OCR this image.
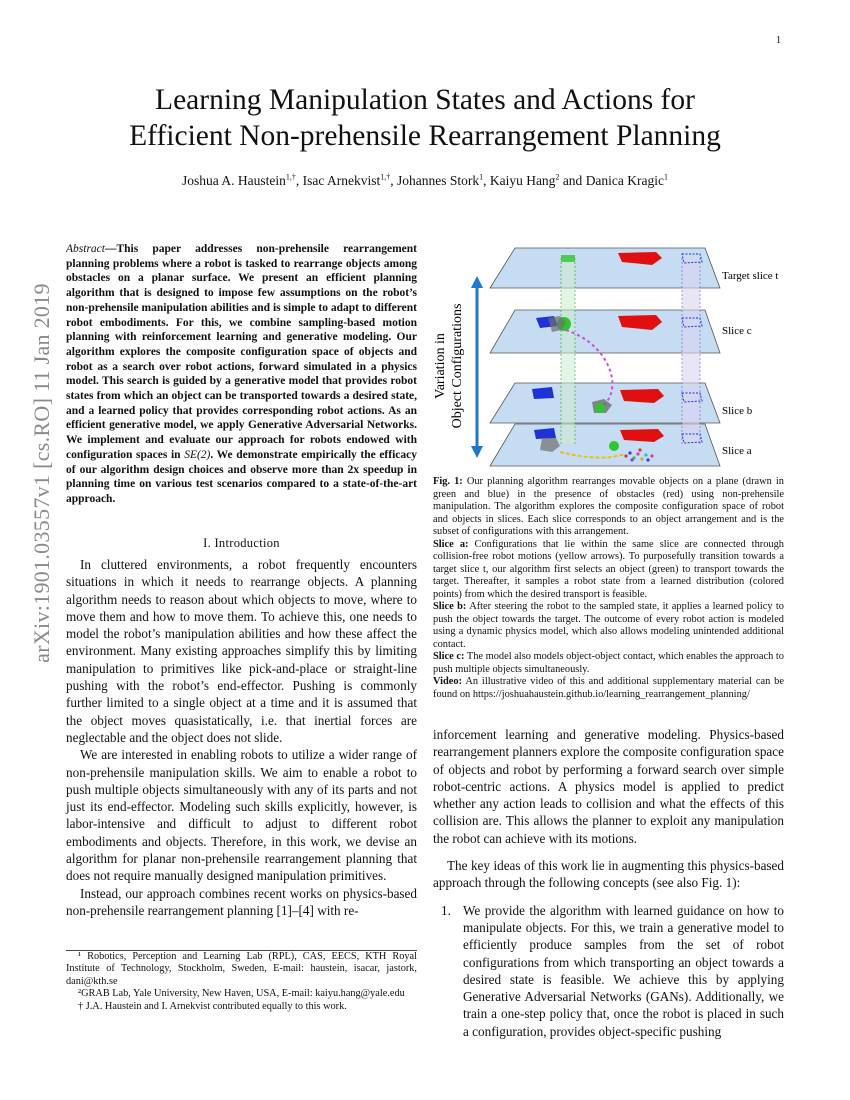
1
arXiv:1901.03557v1 [cs.RO] 11 Jan 2019
Learning Manipulation States and Actions for
Efficient Non-prehensile Rearrangement Planning
Joshua A. Haustein$^{1,\dagger}$, Isac Arnekvist$^{1,\dagger}$, Johannes Stork$^1$, Kaiyu Hang$^2$ and Danica Kragic$^1$
Abstract—This paper addresses non-prehensile rearrangement planning problems where a robot is tasked to rearrange objects among obstacles on a planar surface. We present an efficient planning algorithm that is designed to impose few assumptions on the robot’s non-prehensile manipulation abilities and is simple to adapt to different robot embodiments. For this, we combine sampling-based motion planning with reinforcement learning and generative modeling. Our algorithm explores the composite configuration space of objects and robot as a search over robot actions, forward simulated in a physics model. This search is guided by a generative model that provides robot states from which an object can be transported towards a desired state, and a learned policy that provides corresponding robot actions. As an efficient generative model, we apply Generative Adversarial Networks. We implement and evaluate our approach for robots endowed with configuration spaces in SE(2). We demonstrate empirically the efficacy of our algorithm design choices and observe more than 2x speedup in planning time on various test scenarios compared to a state-of-the-art approach.
I. Introduction

In cluttered environments, a robot frequently encounters situations in which it needs to rearrange objects. A planning algorithm needs to reason about which objects to move, where to move them and how to move them. To achieve this, one needs to model the robot’s manipulation abilities and how these affect the environment. Many existing approaches simplify this by limiting manipulation to primitives like pick-and-place or straight-line pushing with the robot’s end-effector. Pushing is commonly further limited to a single object at a time and it is assumed that the object moves quasistatically, i.e. that inertial forces are neglectable and the object does not slide.

We are interested in enabling robots to utilize a wider range of non-prehensile manipulation skills. We aim to enable a robot to push multiple objects simultaneously with any of its parts and not just its end-effector. Modeling such skills explicitly, however, is labor-intensive and difficult to adjust to different robot embodiments and objects. Therefore, in this work, we devise an algorithm for planar non-prehensile rearrangement planning that does not require manually designed manipulation primitives.

Instead, our approach combines recent works on physics-based non-prehensile rearrangement planning [1]–[4] with re-

¹ Robotics, Perception and Learning Lab (RPL), CAS, EECS, KTH Royal Institute of Technology, Stockholm, Sweden, E-mail: haustein, isacar, jastork, dani@kth.se

²GRAB Lab, Yale University, New Haven, USA, E-mail: kaiyu.hang@yale.edu

† J.A. Haustein and I. Arnekvist contributed equally to this work.

Variation in Object Configurations
Target slice t
Slice c
Slice b
Slice a

Fig. 1: Our planning algorithm rearranges movable objects on a plane (drawn in green and blue) in the presence of obstacles (red) using non-prehensile manipulation. The algorithm explores the composite configuration space of robot and objects in slices. Each slice corresponds to an object arrangement and is the subset of configurations with this arrangement.

Slice a: Configurations that lie within the same slice are connected through collision-free robot motions (yellow arrows). To purposefully transition towards a target slice t, our algorithm first selects an object (green) to transport towards the target. Thereafter, it samples a robot state from a learned distribution (colored points) from which the desired transport is feasible.

Slice b: After steering the robot to the sampled state, it applies a learned policy to push the object towards the target. The outcome of every robot action is modeled using a dynamic physics model, which also allows modeling unintended additional contact.

Slice c: The model also models object-object contact, which enables the approach to push multiple objects simultaneously.

Video: An illustrative video of this and additional supplementary material can be found on https://joshuahaustein.github.io/learning_rearrangement_planning/

inforcement learning and generative modeling. Physics-based rearrangement planners explore the composite configuration space of objects and robot by performing a forward search over simple robot-centric actions. A physics model is applied to predict whether any action leads to collision and what the effects of this collision are. This allows the planner to exploit any manipulation the robot can achieve with its motions.

The key ideas of this work lie in augmenting this physics-based approach through the following concepts (see also Fig. 1):

1. We provide the algorithm with learned guidance on how to manipulate objects. For this, we train a generative model to efficiently produce samples from the set of robot configurations from which transporting an object towards a desired state is feasible. We achieve this by applying Generative Adversarial Networks (GANs). Additionally, we train a one-step policy that, once the robot is placed in such a configuration, provides object-specific pushing
